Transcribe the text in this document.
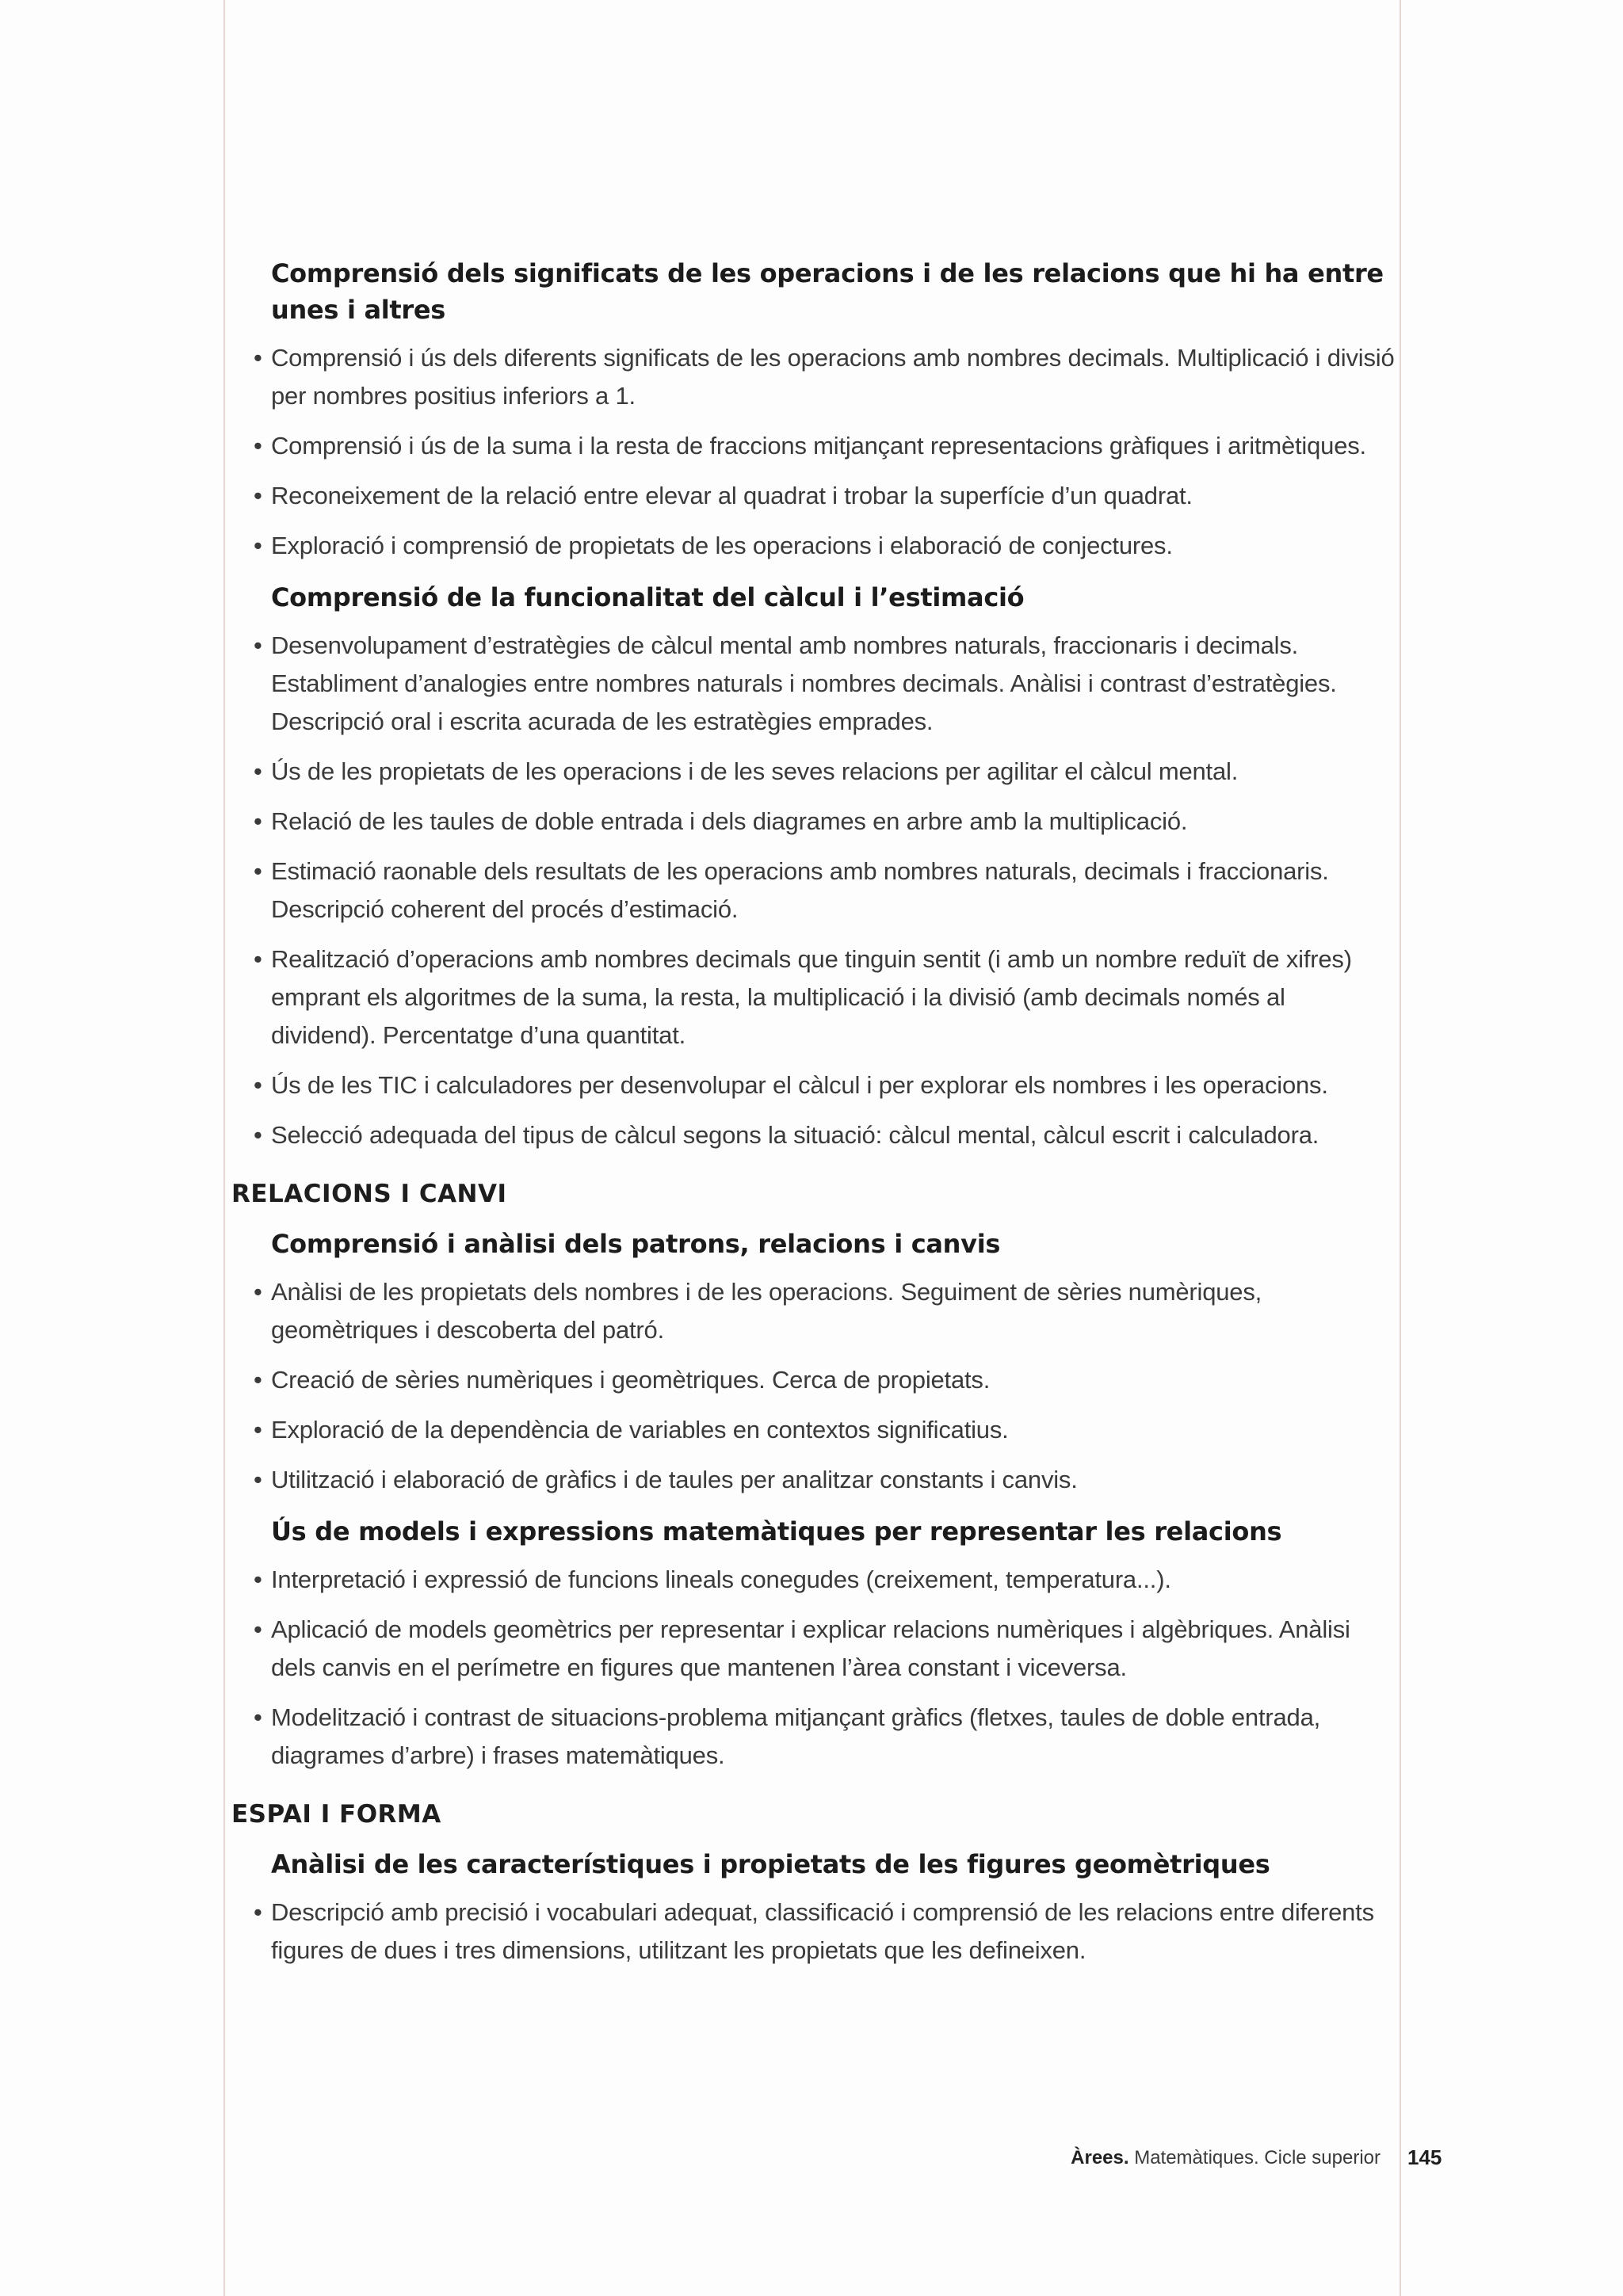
Comprensió dels significats de les operacions i de les relacions que hi ha entre unes i altres
• Comprensió i ús dels diferents significats de les operacions amb nombres decimals. Multiplicació i divisió per nombres positius inferiors a 1.
• Comprensió i ús de la suma i la resta de fraccions mitjançant representacions gràfiques i aritmètiques.
• Reconeixement de la relació entre elevar al quadrat i trobar la superfície d’un quadrat.
• Exploració i comprensió de propietats de les operacions i elaboració de conjectures.
Comprensió de la funcionalitat del càlcul i l’estimació
• Desenvolupament d’estratègies de càlcul mental amb nombres naturals, fraccionaris i decimals. Establiment d’analogies entre nombres naturals i nombres decimals. Anàlisi i contrast d’estratègies. Descripció oral i escrita acurada de les estratègies emprades.
• Ús de les propietats de les operacions i de les seves relacions per agilitar el càlcul mental.
• Relació de les taules de doble entrada i dels diagrames en arbre amb la multiplicació.
• Estimació raonable dels resultats de les operacions amb nombres naturals, decimals i fraccionaris. Descripció coherent del procés d’estimació.
• Realització d’operacions amb nombres decimals que tinguin sentit (i amb un nombre reduït de xifres) emprant els algoritmes de la suma, la resta, la multiplicació i la divisió (amb decimals només al dividend). Percentatge d’una quantitat.
• Ús de les TIC i calculadores per desenvolupar el càlcul i per explorar els nombres i les operacions.
• Selecció adequada del tipus de càlcul segons la situació: càlcul mental, càlcul escrit i calculadora.
RELACIONS I CANVI
Comprensió i anàlisi dels patrons, relacions i canvis
• Anàlisi de les propietats dels nombres i de les operacions. Seguiment de sèries numèriques, geomètriques i descoberta del patró.
• Creació de sèries numèriques i geomètriques. Cerca de propietats.
• Exploració de la dependència de variables en contextos significatius.
• Utilització i elaboració de gràfics i de taules per analitzar constants i canvis.
Ús de models i expressions matemàtiques per representar les relacions
• Interpretació i expressió de funcions lineals conegudes (creixement, temperatura...).
• Aplicació de models geomètrics per representar i explicar relacions numèriques i algèbriques. Anàlisi dels canvis en el perímetre en figures que mantenen l’àrea constant i viceversa.
• Modelització i contrast de situacions-problema mitjançant gràfics (fletxes, taules de doble entrada, diagrames d’arbre) i frases matemàtiques.
ESPAI I FORMA
Anàlisi de les característiques i propietats de les figures geomètriques
• Descripció amb precisió i vocabulari adequat, classificació i comprensió de les relacions entre diferents figures de dues i tres dimensions, utilitzant les propietats que les defineixen.
Àrees. Matemàtiques. Cicle superior 145
